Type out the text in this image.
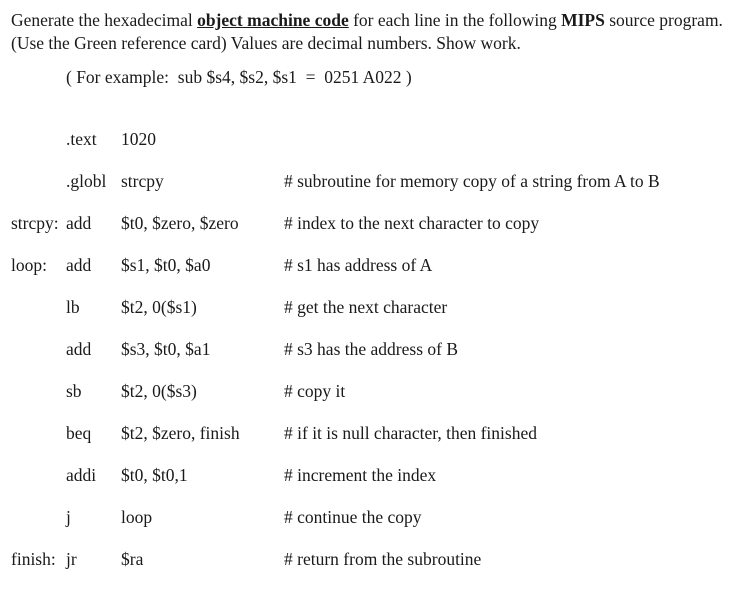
Generate the hexadecimal object machine code for each line in the following MIPS source program. (Use the Green reference card) Values are decimal numbers. Show work.
( For example:  sub $s4, $s2, $s1  =  0251 A022 )
.text 1020
.globl strcpy	# subroutine for memory copy of a string from A to B
strcpy: add $t0, $zero, $zero	# index to the next character to copy
loop: add $s1, $t0, $a0	# s1 has address of A
lb $t2, 0($s1)	# get the next character
add $s3, $t0, $a1	# s3 has the address of B
sb $t2, 0($s3)	# copy it
beq $t2, $zero, finish	# if it is null character, then finished
addi $t0, $t0,1	# increment the index
j	loop	# continue the copy
finish: jr	$ra	# return from the subroutine
